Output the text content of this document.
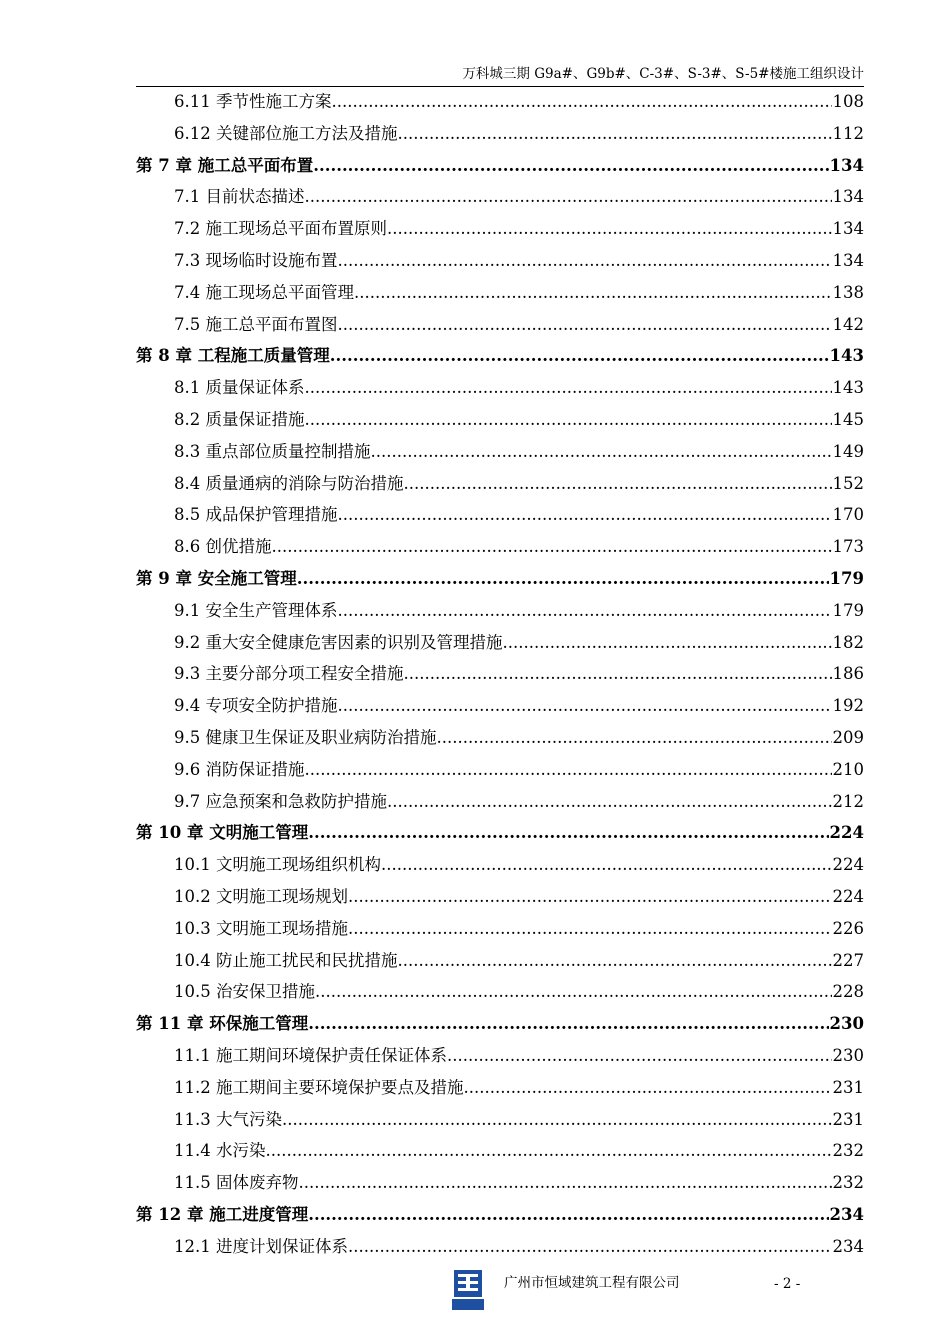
万科城三期 G9a#、G9b#、C-3#、S-3#、S-5#楼施工组织设计
6.11 季节性施工方案 .....	108
6.12 关键部位施工方法及措施 .....	112
第 7 章 施工总平面布置 .....	134
7.1 目前状态描述 .....	134
7.2 施工现场总平面布置原则 .....	134
7.3 现场临时设施布置 .....	134
7.4 施工现场总平面管理 .....	138
7.5 施工总平面布置图 .....	142
第 8 章 工程施工质量管理 .....	143
8.1 质量保证体系 .....	143
8.2 质量保证措施 .....	145
8.3 重点部位质量控制措施 .....	149
8.4 质量通病的消除与防治措施 .....	152
8.5 成品保护管理措施 .....	170
8.6 创优措施 .....	173
第 9 章 安全施工管理 .....	179
9.1 安全生产管理体系 .....	179
9.2 重大安全健康危害因素的识别及管理措施 .....	182
9.3 主要分部分项工程安全措施 .....	186
9.4 专项安全防护措施 .....	192
9.5 健康卫生保证及职业病防治措施 .....	209
9.6 消防保证措施 .....	210
9.7 应急预案和急救防护措施 .....	212
第 10 章 文明施工管理 .....	224
10.1 文明施工现场组织机构 .....	224
10.2 文明施工现场规划 .....	224
10.3 文明施工现场措施 .....	226
10.4 防止施工扰民和民扰措施 .....	227
10.5 治安保卫措施 .....	228
第 11 章 环保施工管理 .....	230
11.1 施工期间环境保护责任保证体系 .....	230
11.2 施工期间主要环境保护要点及措施 .....	231
11.3 大气污染 .....	231
11.4 水污染 .....	232
11.5 固体废弃物 .....	232
第 12 章 施工进度管理 .....	234
12.1 进度计划保证体系 .....	234
广州市恒域建筑工程有限公司	- 2 -
